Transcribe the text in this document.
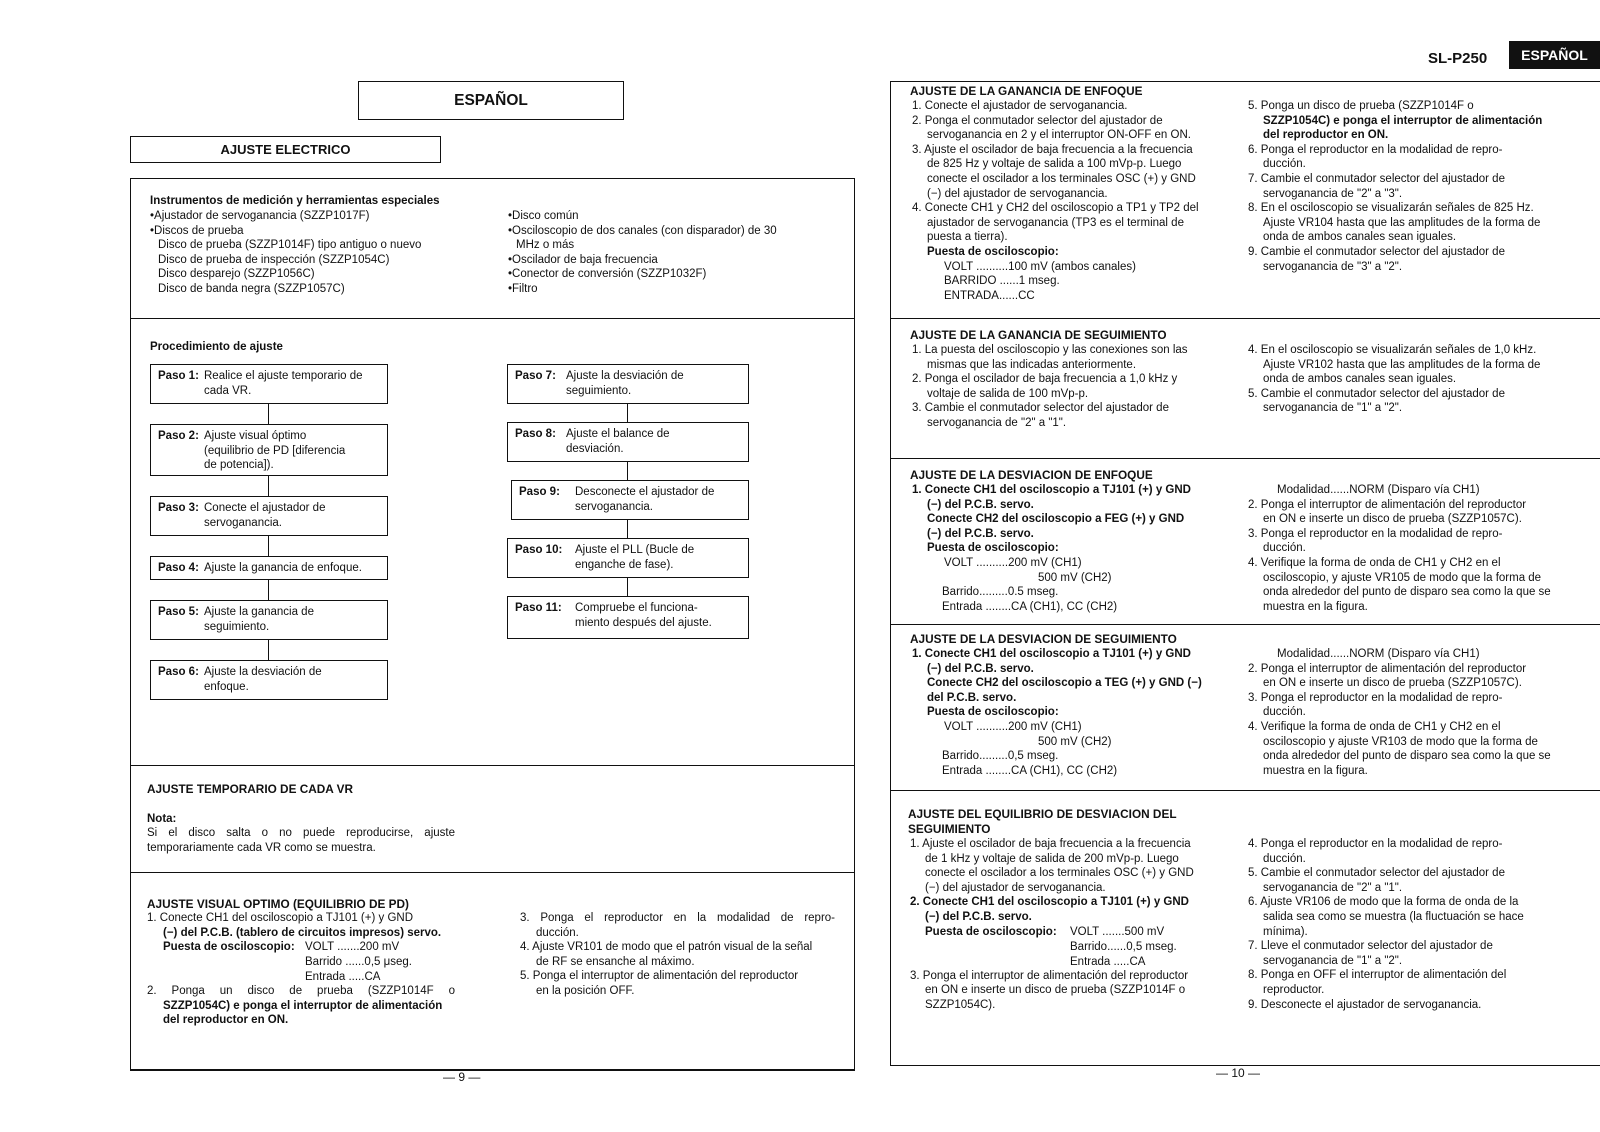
SL-P250	ESPAÑOL
ESPAÑOL
AJUSTE ELECTRICO
Instrumentos de medición y herramientas especiales
•Ajustador de servoganancia (SZZP1017F)
•Discos de prueba
Disco de prueba (SZZP1014F) tipo antiguo o nuevo
Disco de prueba de inspección (SZZP1054C)
Disco desparejo (SZZP1056C)
Disco de banda negra (SZZP1057C)
•Disco común
•Osciloscopio de dos canales (con disparador) de 30
MHz o más
•Oscilador de baja frecuencia
•Conector de conversión (SZZP1032F)
•Filtro
Procedimiento de ajuste
Paso 1: Realice el ajuste temporario de
cada VR.
Paso 2: Ajuste visual óptimo
(equilibrio de PD [diferencia
de potencia]).
Paso 3: Conecte el ajustador de
servoganancia.
Paso 4: Ajuste la ganancia de enfoque.
Paso 5: Ajuste la ganancia de
seguimiento.
Paso 6: Ajuste la desviación de
enfoque.
Paso 7: Ajuste la desviación de
seguimiento.
Paso 8: Ajuste el balance de
desviación.
Paso 9: Desconecte el ajustador de
servoganancia.
Paso 10: Ajuste el PLL (Bucle de
enganche de fase).
Paso 11: Compruebe el funciona-
miento después del ajuste.
AJUSTE TEMPORARIO DE CADA VR
Nota:
Si el disco salta o no puede reproducirse, ajuste
temporariamente cada VR como se muestra.
AJUSTE VISUAL OPTIMO (EQUILIBRIO DE PD)
1. Conecte CH1 del osciloscopio a TJ101 (+) y GND
(−) del P.C.B. (tablero de circuitos impresos) servo.
Puesta de osciloscopio: VOLT .......200 mV
Barrido ......0,5 μseg.
Entrada .....CA
2. Ponga un disco de prueba (SZZP1014F o
SZZP1054C) e ponga el interruptor de alimentación
del reproductor en ON.
3. Ponga el reproductor en la modalidad de repro-
ducción.
4. Ajuste VR101 de modo que el patrón visual de la señal
de RF se ensanche al máximo.
5. Ponga el interruptor de alimentación del reproductor
en la posición OFF.
— 9 —
AJUSTE DE LA GANANCIA DE ENFOQUE
1. Conecte el ajustador de servoganancia.
2. Ponga el conmutador selector del ajustador de
servoganancia en 2 y el interruptor ON-OFF en ON.
3. Ajuste el oscilador de baja frecuencia a la frecuencia
de 825 Hz y voltaje de salida a 100 mVp-p. Luego
conecte el oscilador a los terminales OSC (+) y GND
(−) del ajustador de servoganancia.
4. Conecte CH1 y CH2 del osciloscopio a TP1 y TP2 del
ajustador de servoganancia (TP3 es el terminal de
puesta a tierra).
Puesta de osciloscopio:
VOLT ..........100 mV (ambos canales)
BARRIDO ......1 mseg.
ENTRADA......CC
5. Ponga un disco de prueba (SZZP1014F o
SZZP1054C) e ponga el interruptor de alimentación
del reproductor en ON.
6. Ponga el reproductor en la modalidad de repro-
ducción.
7. Cambie el conmutador selector del ajustador de
servoganancia de "2" a "3".
8. En el osciloscopio se visualizarán señales de 825 Hz.
Ajuste VR104 hasta que las amplitudes de la forma de
onda de ambos canales sean iguales.
9. Cambie el conmutador selector del ajustador de
servoganancia de "3" a "2".
AJUSTE DE LA GANANCIA DE SEGUIMIENTO
1. La puesta del osciloscopio y las conexiones son las
mismas que las indicadas anteriormente.
2. Ponga el oscilador de baja frecuencia a 1,0 kHz y
voltaje de salida de 100 mVp-p.
3. Cambie el conmutador selector del ajustador de
servoganancia de "2" a "1".
4. En el osciloscopio se visualizarán señales de 1,0 kHz.
Ajuste VR102 hasta que las amplitudes de la forma de
onda de ambos canales sean iguales.
5. Cambie el conmutador selector del ajustador de
servoganancia de "1" a "2".
AJUSTE DE LA DESVIACION DE ENFOQUE
1. Conecte CH1 del osciloscopio a TJ101 (+) y GND
(−) del P.C.B. servo.
Conecte CH2 del osciloscopio a FEG (+) y GND
(−) del P.C.B. servo.
Puesta de osciloscopio:
VOLT ..........200 mV (CH1)
500 mV (CH2)
Barrido.........0.5 mseg.
Entrada ........CA (CH1), CC (CH2)
Modalidad......NORM (Disparo vía CH1)
2. Ponga el interruptor de alimentación del reproductor
en ON e inserte un disco de prueba (SZZP1057C).
3. Ponga el reproductor en la modalidad de repro-
ducción.
4. Verifique la forma de onda de CH1 y CH2 en el
osciloscopio, y ajuste VR105 de modo que la forma de
onda alrededor del punto de disparo sea como la que se
muestra en la figura.
AJUSTE DE LA DESVIACION DE SEGUIMIENTO
1. Conecte CH1 del osciloscopio a TJ101 (+) y GND
(−) del P.C.B. servo.
Conecte CH2 del osciloscopio a TEG (+) y GND (−)
del P.C.B. servo.
Puesta de osciloscopio:
VOLT ..........200 mV (CH1)
500 mV (CH2)
Barrido.........0,5 mseg.
Entrada ........CA (CH1), CC (CH2)
Modalidad......NORM (Disparo vía CH1)
2. Ponga el interruptor de alimentación del reproductor
en ON e inserte un disco de prueba (SZZP1057C).
3. Ponga el reproductor en la modalidad de repro-
ducción.
4. Verifique la forma de onda de CH1 y CH2 en el
osciloscopio y ajuste VR103 de modo que la forma de
onda alrededor del punto de disparo sea como la que se
muestra en la figura.
AJUSTE DEL EQUILIBRIO DE DESVIACION DEL
SEGUIMIENTO
1. Ajuste el oscilador de baja frecuencia a la frecuencia
de 1 kHz y voltaje de salida de 200 mVp-p. Luego
conecte el oscilador a los terminales OSC (+) y GND
(−) del ajustador de servoganancia.
2. Conecte CH1 del osciloscopio a TJ101 (+) y GND
(−) del P.C.B. servo.
Puesta de osciloscopio: VOLT .......500 mV
Barrido......0,5 mseg.
Entrada .....CA
3. Ponga el interruptor de alimentación del reproductor
en ON e inserte un disco de prueba (SZZP1014F o
SZZP1054C).
4. Ponga el reproductor en la modalidad de repro-
ducción.
5. Cambie el conmutador selector del ajustador de
servoganancia de "2" a "1".
6. Ajuste VR106 de modo que la forma de onda de la
salida sea como se muestra (la fluctuación se hace
mínima).
7. Lleve el conmutador selector del ajustador de
servoganancia de "1" a "2".
8. Ponga en OFF el interruptor de alimentación del
reproductor.
9. Desconecte el ajustador de servoganancia.
— 10 —
